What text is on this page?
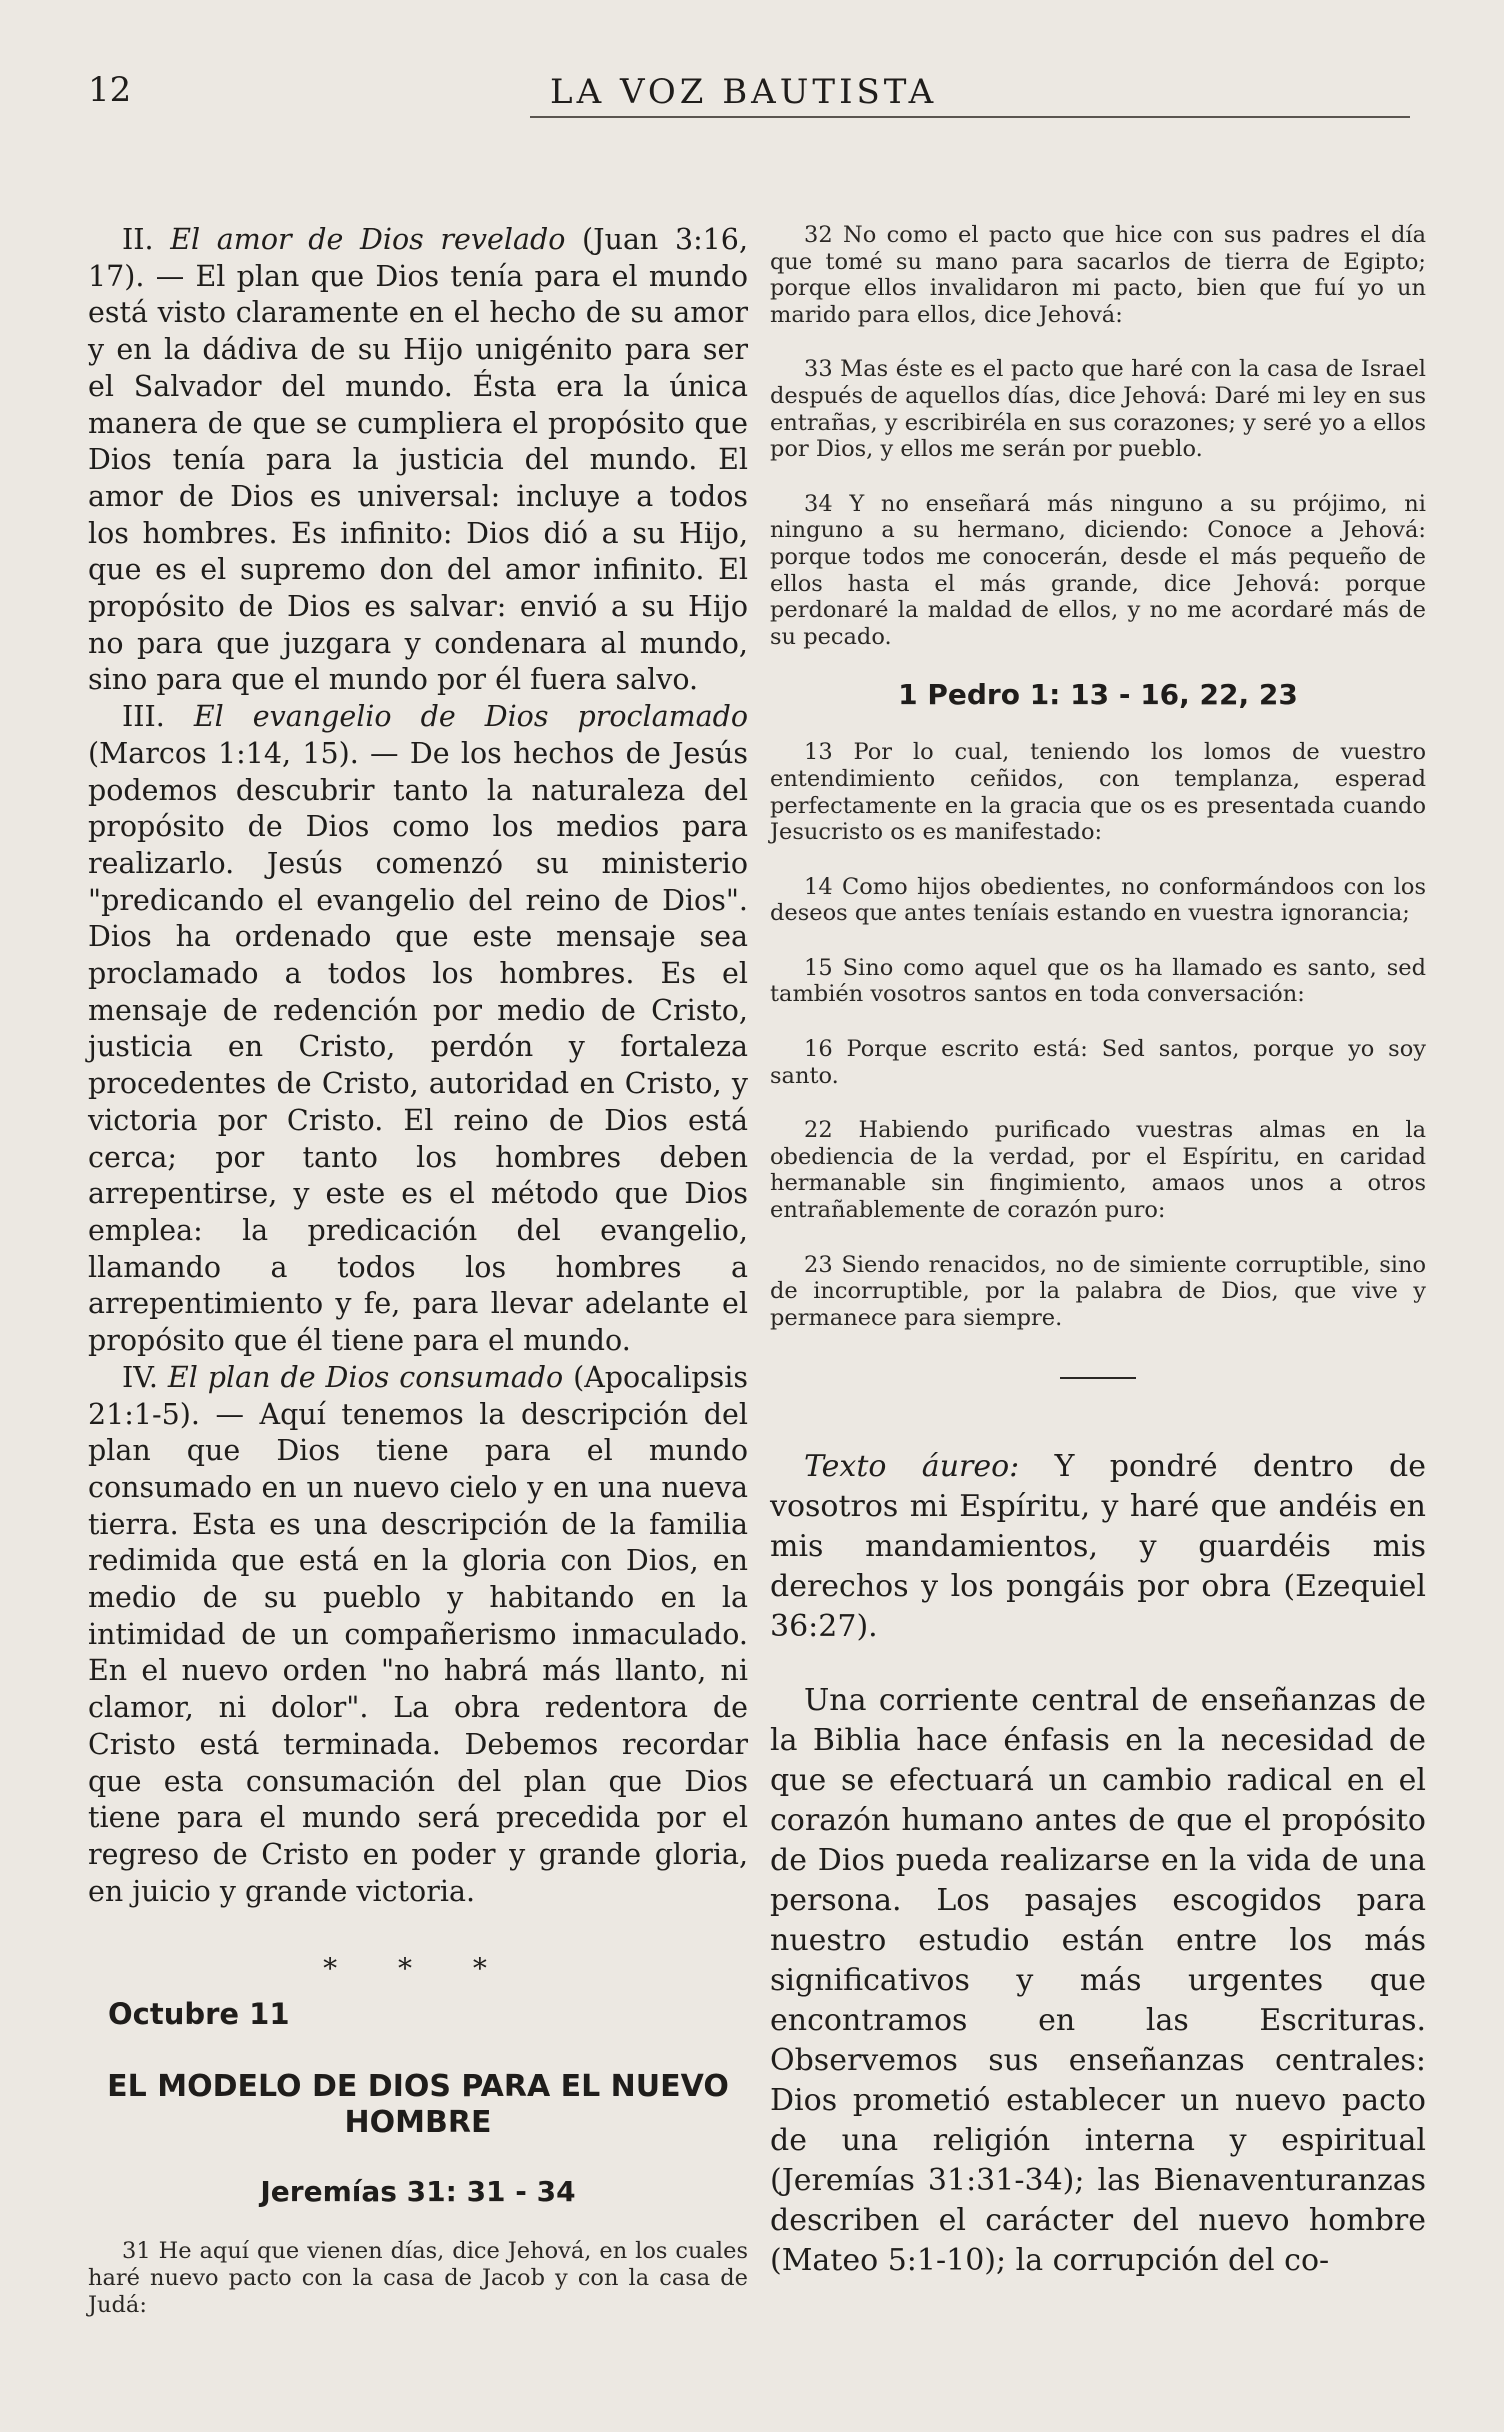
12	LA VOZ BAUTISTA

II. El amor de Dios revelado (Juan 3:16, 17). — El plan que Dios tenía para el mundo está visto claramente en el hecho de su amor y en la dádiva de su Hijo unigénito para ser el Salvador del mundo. Ésta era la única manera de que se cumpliera el propósito que Dios tenía para la justicia del mundo. El amor de Dios es universal: incluye a todos los hombres. Es infinito: Dios dió a su Hijo, que es el supremo don del amor infinito. El propósito de Dios es salvar: envió a su Hijo no para que juzgara y condenara al mundo, sino para que el mundo por él fuera salvo.

III. El evangelio de Dios proclamado (Marcos 1:14, 15). — De los hechos de Jesús podemos descubrir tanto la naturaleza del propósito de Dios como los medios para realizarlo. Jesús comenzó su ministerio "predicando el evangelio del reino de Dios". Dios ha ordenado que este mensaje sea proclamado a todos los hombres. Es el mensaje de redención por medio de Cristo, justicia en Cristo, perdón y fortaleza procedentes de Cristo, autoridad en Cristo, y victoria por Cristo. El reino de Dios está cerca; por tanto los hombres deben arrepentirse, y este es el método que Dios emplea: la predicación del evangelio, llamando a todos los hombres a arrepentimiento y fe, para llevar adelante el propósito que él tiene para el mundo.

IV. El plan de Dios consumado (Apocalipsis 21:1-5). — Aquí tenemos la descripción del plan que Dios tiene para el mundo consumado en un nuevo cielo y en una nueva tierra. Esta es una descripción de la familia redimida que está en la gloria con Dios, en medio de su pueblo y habitando en la intimidad de un compañerismo inmaculado. En el nuevo orden "no habrá más llanto, ni clamor, ni dolor". La obra redentora de Cristo está terminada. Debemos recordar que esta consumación del plan que Dios tiene para el mundo será precedida por el regreso de Cristo en poder y grande gloria, en juicio y grande victoria.

* * *
Octubre 11
EL MODELO DE DIOS PARA EL NUEVO HOMBRE
Jeremías 31: 31 - 34

31 He aquí que vienen días, dice Jehová, en los cuales haré nuevo pacto con la casa de Jacob y con la casa de Judá:

32 No como el pacto que hice con sus padres el día que tomé su mano para sacarlos de tierra de Egipto; porque ellos invalidaron mi pacto, bien que fuí yo un marido para ellos, dice Jehová:

33 Mas éste es el pacto que haré con la casa de Israel después de aquellos días, dice Jehová: Daré mi ley en sus entrañas, y escribiréla en sus corazones; y seré yo a ellos por Dios, y ellos me serán por pueblo.

34 Y no enseñará más ninguno a su prójimo, ni ninguno a su hermano, diciendo: Conoce a Jehová: porque todos me conocerán, desde el más pequeño de ellos hasta el más grande, dice Jehová: porque perdonaré la maldad de ellos, y no me acordaré más de su pecado.

1 Pedro 1: 13 - 16, 22, 23

13 Por lo cual, teniendo los lomos de vuestro entendimiento ceñidos, con templanza, esperad perfectamente en la gracia que os es presentada cuando Jesucristo os es manifestado:

14 Como hijos obedientes, no conformándoos con los deseos que antes teníais estando en vuestra ignorancia;

15 Sino como aquel que os ha llamado es santo, sed también vosotros santos en toda conversación:

16 Porque escrito está: Sed santos, porque yo soy santo.

22 Habiendo purificado vuestras almas en la obediencia de la verdad, por el Espíritu, en caridad hermanable sin fingimiento, amaos unos a otros entrañablemente de corazón puro:

23 Siendo renacidos, no de simiente corruptible, sino de incorruptible, por la palabra de Dios, que vive y permanece para siempre.

Texto áureo: Y pondré dentro de vosotros mi Espíritu, y haré que andéis en mis mandamientos, y guardéis mis derechos y los pongáis por obra (Ezequiel 36:27).

Una corriente central de enseñanzas de la Biblia hace énfasis en la necesidad de que se efectuará un cambio radical en el corazón humano antes de que el propósito de Dios pueda realizarse en la vida de una persona. Los pasajes escogidos para nuestro estudio están entre los más significativos y más urgentes que encontramos en las Escrituras. Observemos sus enseñanzas centrales: Dios prometió establecer un nuevo pacto de una religión interna y espiritual (Jeremías 31:31-34); las Bienaventuranzas describen el carácter del nuevo hombre (Mateo 5:1-10); la corrupción del co-
